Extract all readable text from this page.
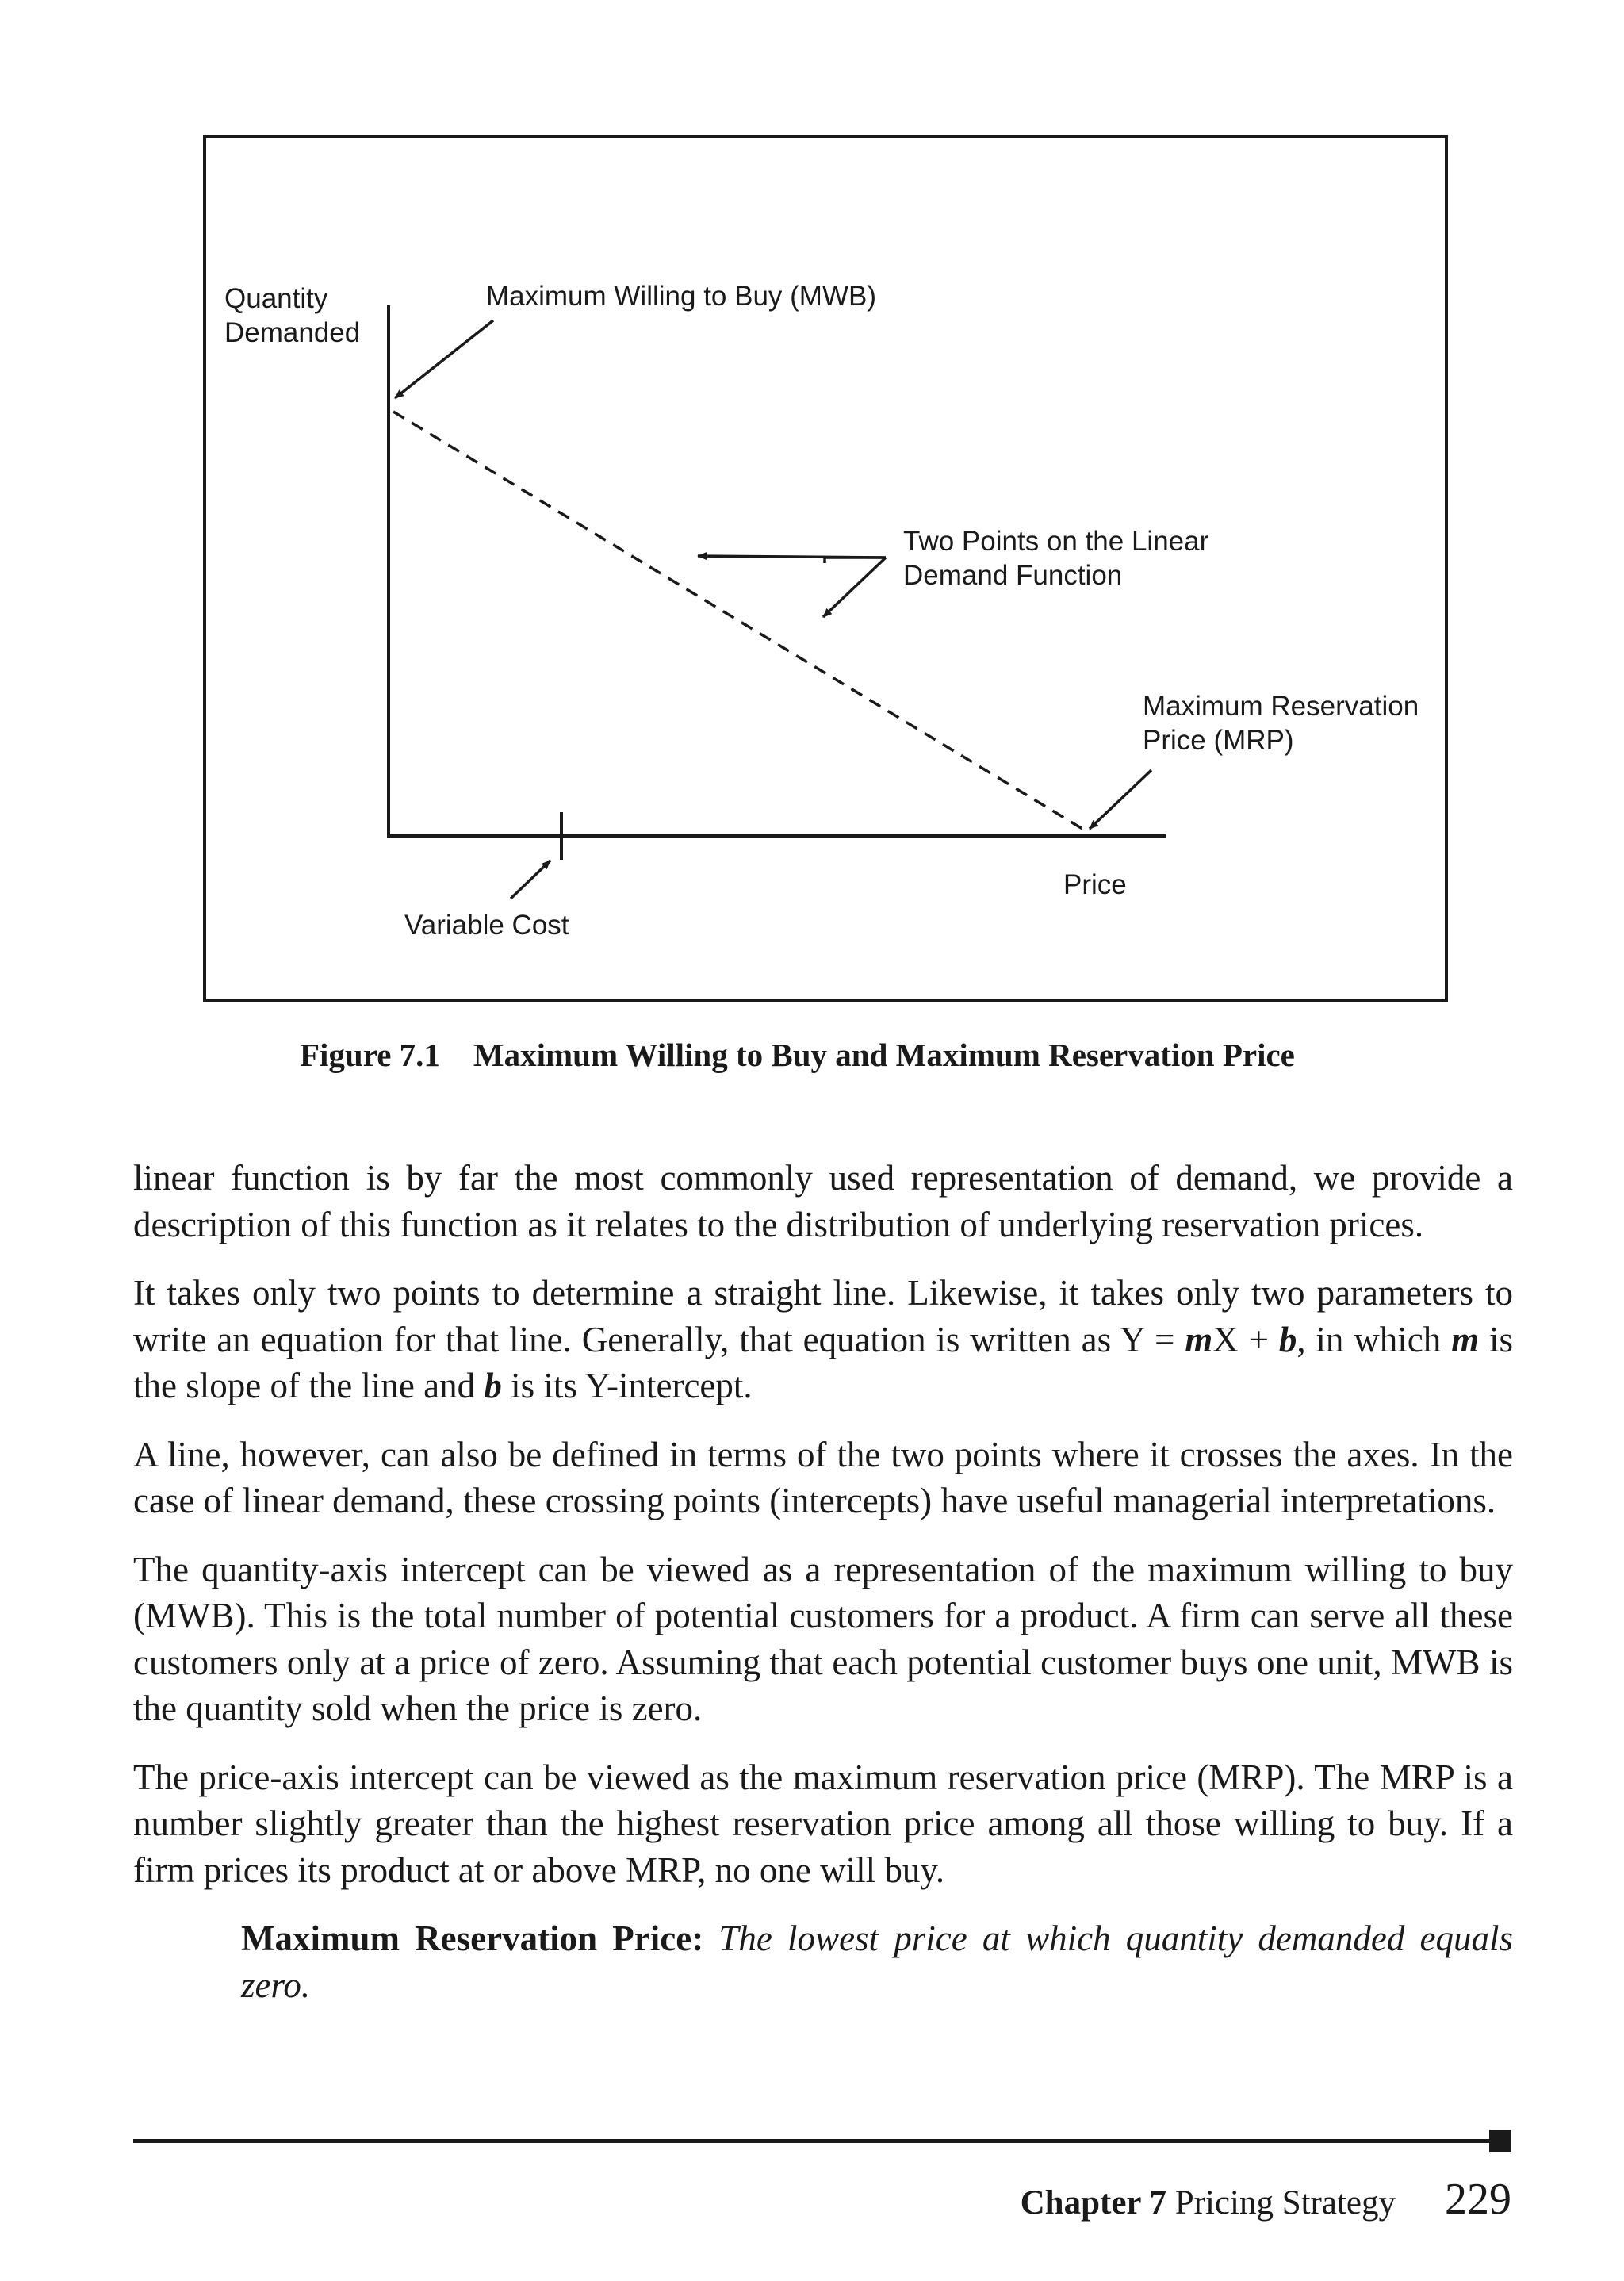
Quantity
Demanded
Maximum Willing to Buy (MWB)
Two Points on the Linear
Demand Function
Maximum Reservation
Price (MRP)
Price
Variable Cost
Figure 7.1 Maximum Willing to Buy and Maximum Reservation Price

linear function is by far the most commonly used representation of demand, we provide a description of this function as it relates to the distribution of underlying reservation prices.

It takes only two points to determine a straight line. Likewise, it takes only two parameters to write an equation for that line. Generally, that equation is written as Y = mX + b, in which m is the slope of the line and b is its Y-intercept.

A line, however, can also be defined in terms of the two points where it crosses the axes. In the case of linear demand, these crossing points (intercepts) have useful managerial interpretations.

The quantity-axis intercept can be viewed as a representation of the maximum willing to buy (MWB). This is the total number of potential customers for a product. A firm can serve all these customers only at a price of zero. Assuming that each potential customer buys one unit, MWB is the quantity sold when the price is zero.

The price-axis intercept can be viewed as the maximum reservation price (MRP). The MRP is a number slightly greater than the highest reservation price among all those willing to buy. If a firm prices its product at or above MRP, no one will buy.

Maximum Reservation Price: The lowest price at which quantity demanded equals zero.

Chapter 7 Pricing Strategy 229
